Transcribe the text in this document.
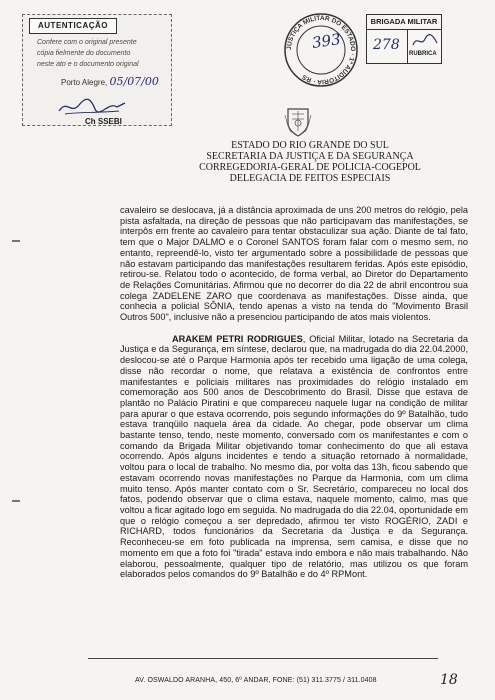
AUTENTICAÇÃO
Confere com o original presente
cópia fielmente do documento
neste ato e o documento original
Porto Alegre, 05/07/00
Ch SSEBI
JUSTIÇA MILITAR DO ESTADO · 1ª AUDITORIA · RS
393
BRIGADA MILITAR
278
RUBRICA
ESTADO DO RIO GRANDE DO SUL
SECRETARIA DA JUSTIÇA E DA SEGURANÇA
CORREGEDORIA-GERAL DE POLICIA-COGEPOL
DELEGACIA DE FEITOS ESPECIAIS

cavaleiro se deslocava, já a distância aproximada de uns 200 metros do relógio, pela pista asfaltada, na direção de pessoas que não participavam das manifestações, se interpôs em frente ao cavaleiro para tentar obstaculizar sua ação. Diante de tal fato, tem que o Major DALMO e o Coronel SANTOS foram falar com o mesmo sem, no entanto, repreendê-lo, visto ter argumentado sobre a possibilidade de pessoas que não estavam participando das manifestações resultarem feridas. Após este episódio, retirou-se. Relatou todo o acontecido, de forma verbal, ao Diretor do Departamento de Relações Comunitárias. Afirmou que no decorrer do dia 22 de abril encontrou sua colega ZADELENE ZARO que coordenava as manifestações. Disse ainda, que conhecia a policial SÔNIA, tendo apenas a visto na tenda do "Movimento Brasil Outros 500", inclusive não a presenciou participando de atos mais violentos.

ARAKEM PETRI RODRIGUES, Oficial Militar, lotado na Secretaria da Justiça e da Segurança, em síntese, declarou que, na madrugada do dia 22.04.2000, deslocou-se até o Parque Harmonia após ter recebido uma ligação de uma colega, disse não recordar o nome, que relatava a existência de confrontos entre manifestantes e policiais militares nas proximidades do relógio instalado em comemoração aos 500 anos de Descobrimento do Brasil. Disse que estava de plantão no Palácio Piratini e que compareceu naquele lugar na condição de militar para apurar o que estava ocorrendo, pois segundo informações do 9º Batalhão, tudo estava tranqüilo naquela área da cidade. Ao chegar, pode observar um clima bastante tenso, tendo, neste momento, conversado com os manifestantes e com o comando da Brigada Militar objetivando tomar conhecimento do que ali estava ocorrendo. Após alguns incidentes e tendo a situação retornado à normalidade, voltou para o local de trabalho. No mesmo dia, por volta das 13h, ficou sabendo que estavam ocorrendo novas manifestações no Parque da Harmonia, com um clima muito tenso. Após manter contato com o Sr. Secretário, compareceu no local dos fatos, podendo observar que o clima estava, naquele momento, calmo, mas que voltou a ficar agitado logo em seguida. No madrugada do dia 22.04, oportunidade em que o relógio começou a ser depredado, afirmou ter visto ROGÉRIO, ZADI e RICHARD, todos funcionários da Secretaria da Justiça e da Segurança. Reconheceu-se em foto publicada na imprensa, sem camisa, e disse que no momento em que a foto foi "tirada" estava indo embora e não mais trabalhando. Não elaborou, pessoalmente, qualquer tipo de relatório, mas utilizou os que foram elaborados pelos comandos do 9º Batalhão e do 4º RPMont.

AV. OSWALDO ARANHA, 450, 6º ANDAR, FONE: (51) 311.3775 / 311.0408	18
